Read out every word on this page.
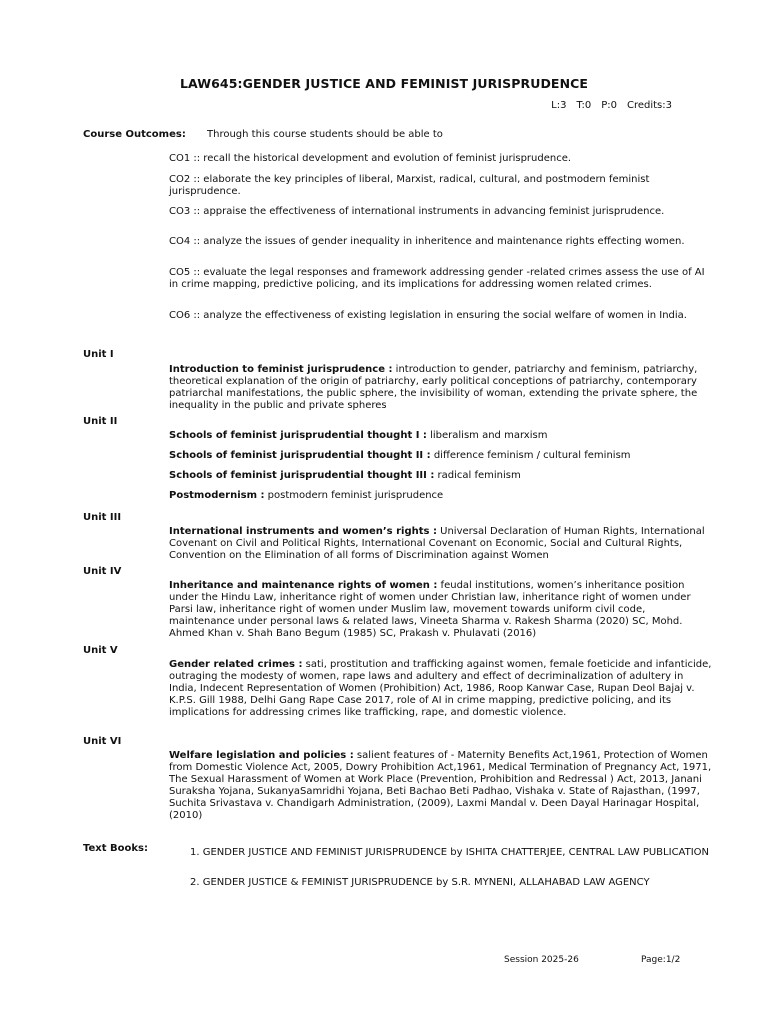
LAW645:GENDER JUSTICE AND FEMINIST JURISPRUDENCE
L:3 T:0 P:0 Credits:3
Course Outcomes: Through this course students should be able to
CO1 :: recall the historical development and evolution of feminist jurisprudence.
CO2 :: elaborate the key principles of liberal, Marxist, radical, cultural, and postmodern feminist jurisprudence.
CO3 :: appraise the effectiveness of international instruments in advancing feminist jurisprudence.
CO4 :: analyze the issues of gender inequality in inheritence and maintenance rights effecting women.
CO5 :: evaluate the legal responses and framework addressing gender -related crimes assess the use of AI in crime mapping, predictive policing, and its implications for addressing women related crimes.
CO6 :: analyze the effectiveness of existing legislation in ensuring the social welfare of women in India.
Unit I
Introduction to feminist jurisprudence : introduction to gender, patriarchy and feminism, patriarchy, theoretical explanation of the origin of patriarchy, early political conceptions of patriarchy, contemporary patriarchal manifestations, the public sphere, the invisibility of woman, extending the private sphere, the inequality in the public and private spheres
Unit II
Schools of feminist jurisprudential thought I : liberalism and marxism
Schools of feminist jurisprudential thought II : difference feminism / cultural feminism
Schools of feminist jurisprudential thought III : radical feminism
Postmodernism : postmodern feminist jurisprudence
Unit III
International instruments and women’s rights : Universal Declaration of Human Rights, International Covenant on Civil and Political Rights, International Covenant on Economic, Social and Cultural Rights, Convention on the Elimination of all forms of Discrimination against Women
Unit IV
Inheritance and maintenance rights of women : feudal institutions, women’s inheritance position under the Hindu Law, inheritance right of women under Christian law, inheritance right of women under Parsi law, inheritance right of women under Muslim law, movement towards uniform civil code, maintenance under personal laws & related laws, Vineeta Sharma v. Rakesh Sharma (2020) SC, Mohd. Ahmed Khan v. Shah Bano Begum (1985) SC, Prakash v. Phulavati (2016)
Unit V
Gender related crimes : sati, prostitution and trafficking against women, female foeticide and infanticide, outraging the modesty of women, rape laws and adultery and effect of decriminalization of adultery in India, Indecent Representation of Women (Prohibition) Act, 1986, Roop Kanwar Case, Rupan Deol Bajaj v. K.P.S. Gill 1988, Delhi Gang Rape Case 2017, role of AI in crime mapping, predictive policing, and its implications for addressing crimes like trafficking, rape, and domestic violence.
Unit VI
Welfare legislation and policies : salient features of - Maternity Benefits Act,1961, Protection of Women from Domestic Violence Act, 2005, Dowry Prohibition Act,1961, Medical Termination of Pregnancy Act, 1971, The Sexual Harassment of Women at Work Place (Prevention, Prohibition and Redressal ) Act, 2013, Janani Suraksha Yojana, SukanyaSamridhi Yojana, Beti Bachao Beti Padhao, Vishaka v. State of Rajasthan, (1997, Suchita Srivastava v. Chandigarh Administration, (2009), Laxmi Mandal v. Deen Dayal Harinagar Hospital, (2010)
Text Books:	1. GENDER JUSTICE AND FEMINIST JURISPRUDENCE by ISHITA CHATTERJEE, CENTRAL LAW PUBLICATION
2. GENDER JUSTICE & FEMINIST JURISPRUDENCE by S.R. MYNENI, ALLAHABAD LAW AGENCY
Session 2025-26	Page:1/2
